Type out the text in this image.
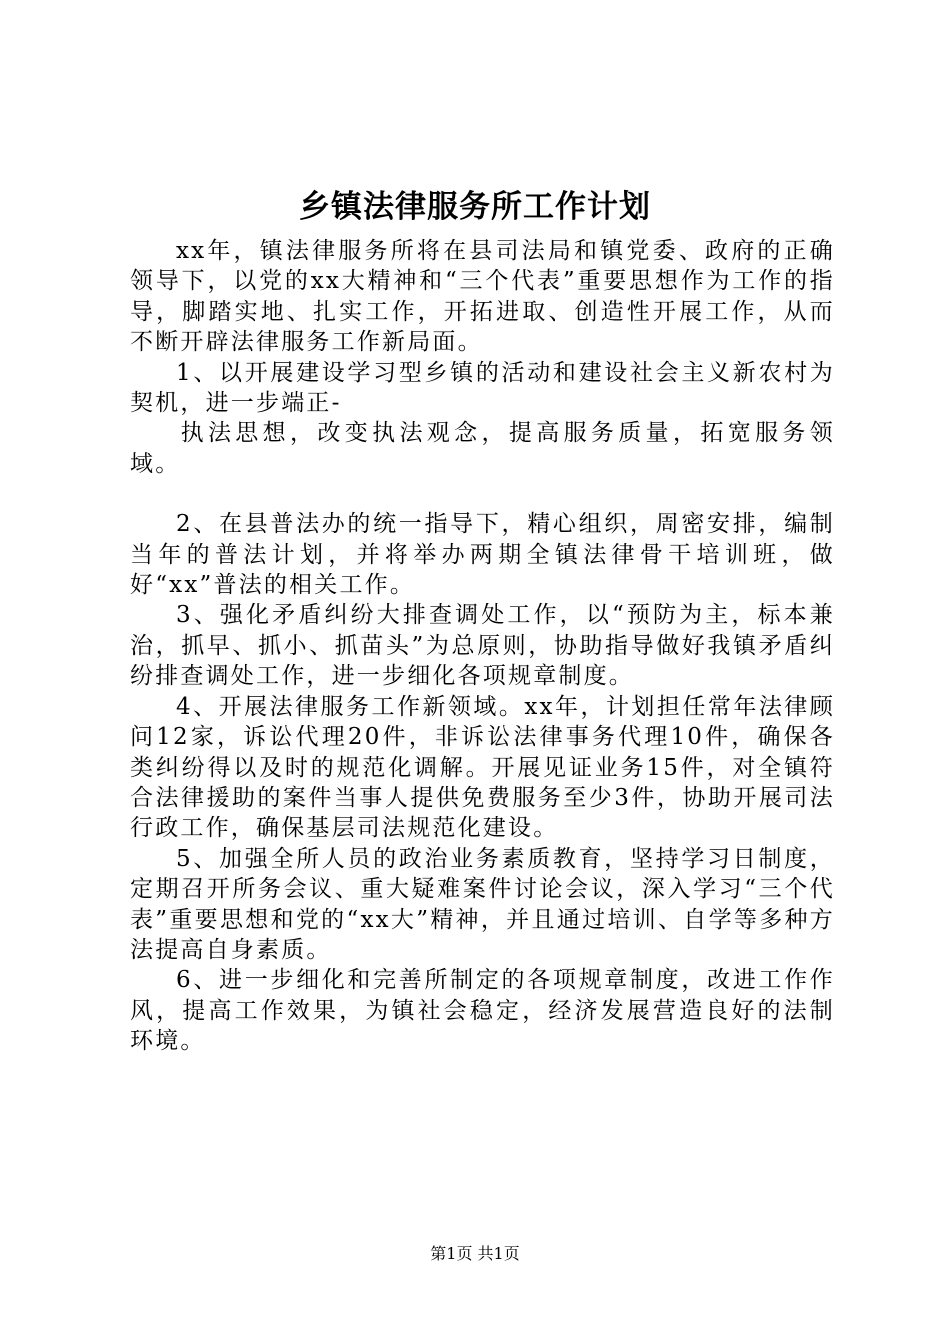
乡镇法律服务所工作计划

xx年，镇法律服务所将在县司法局和镇党委、政府的正确领导下，以党的xx大精神和“三个代表”重要思想作为工作的指导，脚踏实地、扎实工作，开拓进取、创造性开展工作，从而不断开辟法律服务工作新局面。

1、以开展建设学习型乡镇的活动和建设社会主义新农村为契机，进一步端正-

执法思想，改变执法观念，提高服务质量，拓宽服务领域。

2、在县普法办的统一指导下，精心组织，周密安排，编制当年的普法计划，并将举办两期全镇法律骨干培训班，做好“xx”普法的相关工作。

3、强化矛盾纠纷大排查调处工作，以“预防为主，标本兼治，抓早、抓小、抓苗头”为总原则，协助指导做好我镇矛盾纠纷排查调处工作，进一步细化各项规章制度。

4、开展法律服务工作新领域。xx年，计划担任常年法律顾问12家，诉讼代理20件，非诉讼法律事务代理10件，确保各类纠纷得以及时的规范化调解。开展见证业务15件，对全镇符合法律援助的案件当事人提供免费服务至少3件，协助开展司法行政工作，确保基层司法规范化建设。

5、加强全所人员的政治业务素质教育，坚持学习日制度，定期召开所务会议、重大疑难案件讨论会议，深入学习“三个代表”重要思想和党的“xx大”精神，并且通过培训、自学等多种方法提高自身素质。

6、进一步细化和完善所制定的各项规章制度，改进工作作风，提高工作效果，为镇社会稳定，经济发展营造良好的法制环境。

第1页 共1页
